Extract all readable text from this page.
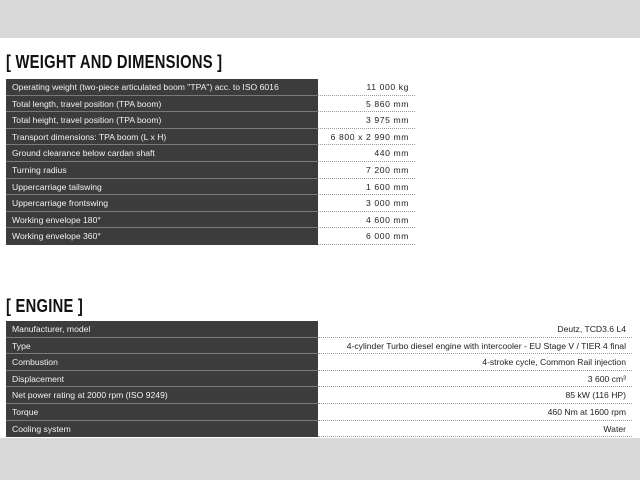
[ WEIGHT AND DIMENSIONS ]
Operating weight (two-piece articulated boom "TPA") acc. to ISO 6016	11 000 kg
Total length, travel position (TPA boom)	5 860 mm
Total height, travel position (TPA boom)	3 975 mm
Transport dimensions: TPA boom (L x H)	6 800 x 2 990 mm
Ground clearance below cardan shaft	440 mm
Turning radius	7 200 mm
Uppercarriage tailswing	1 600 mm
Uppercarriage frontswing	3 000 mm
Working envelope 180°	4 600 mm
Working envelope 360°	6 000 mm
[ ENGINE ]
Manufacturer, model	Deutz, TCD3.6 L4
Type	4-cylinder Turbo diesel engine with intercooler - EU Stage V / TIER 4 final
Combustion	4-stroke cycle, Common Rail injection
Displacement	3 600 cm³
Net power rating at 2000 rpm (ISO 9249)	85 kW (116 HP)
Torque	460 Nm at 1600 rpm
Cooling system	Water
